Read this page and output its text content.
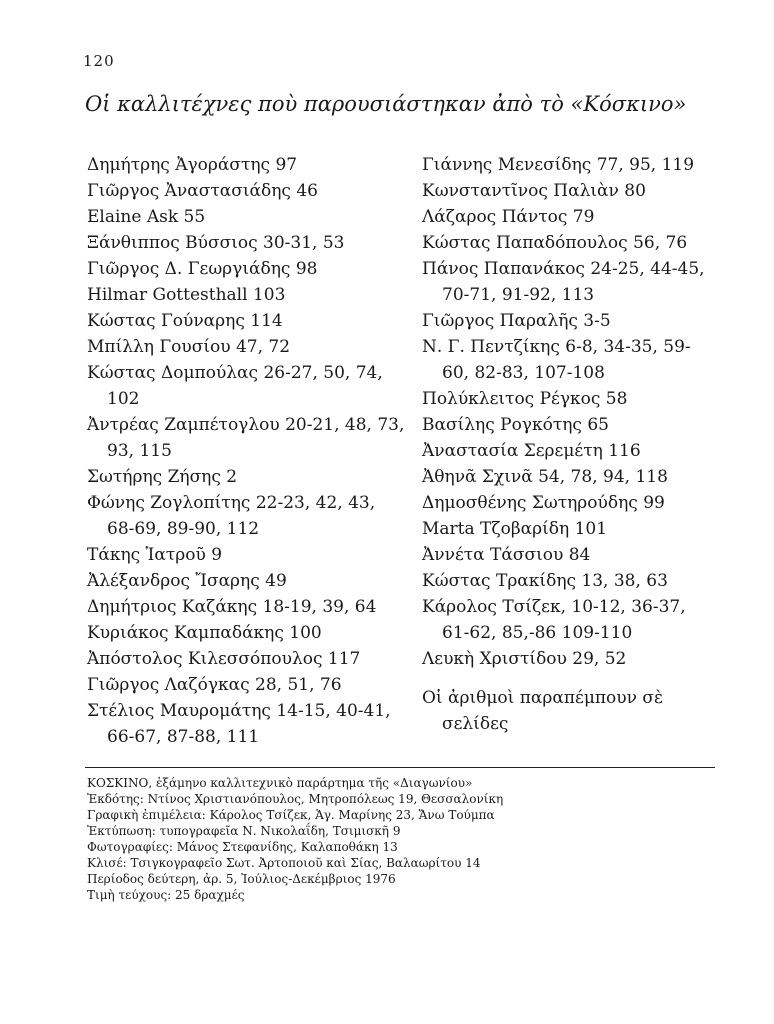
120
Οἱ καλλιτέχνες ποὺ παρουσιάστηκαν ἀπὸ τὸ «Κόσκινο»
Δημήτρης Ἀγοράστης 97
Γιῶργος Ἀναστασιάδης 46
Elaine Ask 55
Ξάνθιππος Βύσσιος 30-31, 53
Γιῶργος Δ. Γεωργιάδης 98
Hilmar Gottesthall 103
Κώστας Γούναρης 114
Μπίλλη Γουσίου 47, 72
Κώστας Δομπούλας 26-27, 50, 74, 102
Ἀντρέας Ζαμπέτογλου 20-21, 48, 73, 93, 115
Σωτήρης Ζήσης 2
Φώνης Ζογλοπίτης 22-23, 42, 43, 68-69, 89-90, 112
Τάκης Ἰατροῦ 9
Ἀλέξανδρος Ἴσαρης 49
Δημήτριος Καζάκης 18-19, 39, 64
Κυριάκος Καμπαδάκης 100
Ἀπόστολος Κιλεσσόπουλος 117
Γιῶργος Λαζόγκας 28, 51, 76
Στέλιος Μαυρομάτης 14-15, 40-41, 66-67, 87-88, 111
Γιάννης Μενεσίδης 77, 95, 119
Κωνσταντῖνος Παλιὰν 80
Λάζαρος Πάντος 79
Κώστας Παπαδόπουλος 56, 76
Πάνος Παπανάκος 24-25, 44-45, 70-71, 91-92, 113
Γιῶργος Παραλῆς 3-5
Ν. Γ. Πεντζίκης 6-8, 34-35, 59-60, 82-83, 107-108
Πολύκλειτος Ρέγκος 58
Βασίλης Ρογκότης 65
Ἀναστασία Σερεμέτη 116
Ἀθηνᾶ Σχινᾶ 54, 78, 94, 118
Δημοσθένης Σωτηρούδης 99
Marta Τζοβαρίδη 101
Ἀννέτα Τάσσιου 84
Κώστας Τρακίδης 13, 38, 63
Κάρολος Τσίζεκ, 10-12, 36-37, 61-62, 85,-86 109-110
Λευκὴ Χριστίδου 29, 52
Οἱ ἀριθμοὶ παραπέμπουν σὲ σελίδες
ΚΟΣΚΙΝΟ, ἑξάμηνο καλλιτεχνικὸ παράρτημα τῆς «Διαγωνίου»
Ἐκδότης: Ντίνος Χριστιανόπουλος, Μητροπόλεως 19, Θεσσαλονίκη
Γραφικὴ ἐπιμέλεια: Κάρολος Τσίζεκ, Ἁγ. Μαρίνης 23, Ἄνω Τούμπα
Ἐκτύπωση: τυπογραφεῖα Ν. Νικολαΐδη, Τσιμισκῆ 9
Φωτογραφίες: Μάνος Στεφανίδης, Καλαποθάκη 13
Κλισέ: Τσιγκογραφεῖο Σωτ. Ἀρτοποιοῦ καὶ Σίας, Βαλαωρίτου 14
Περίοδος δεύτερη, ἀρ. 5, Ἰούλιος-Δεκέμβριος 1976
Τιμὴ τεύχους: 25 δραχμές
